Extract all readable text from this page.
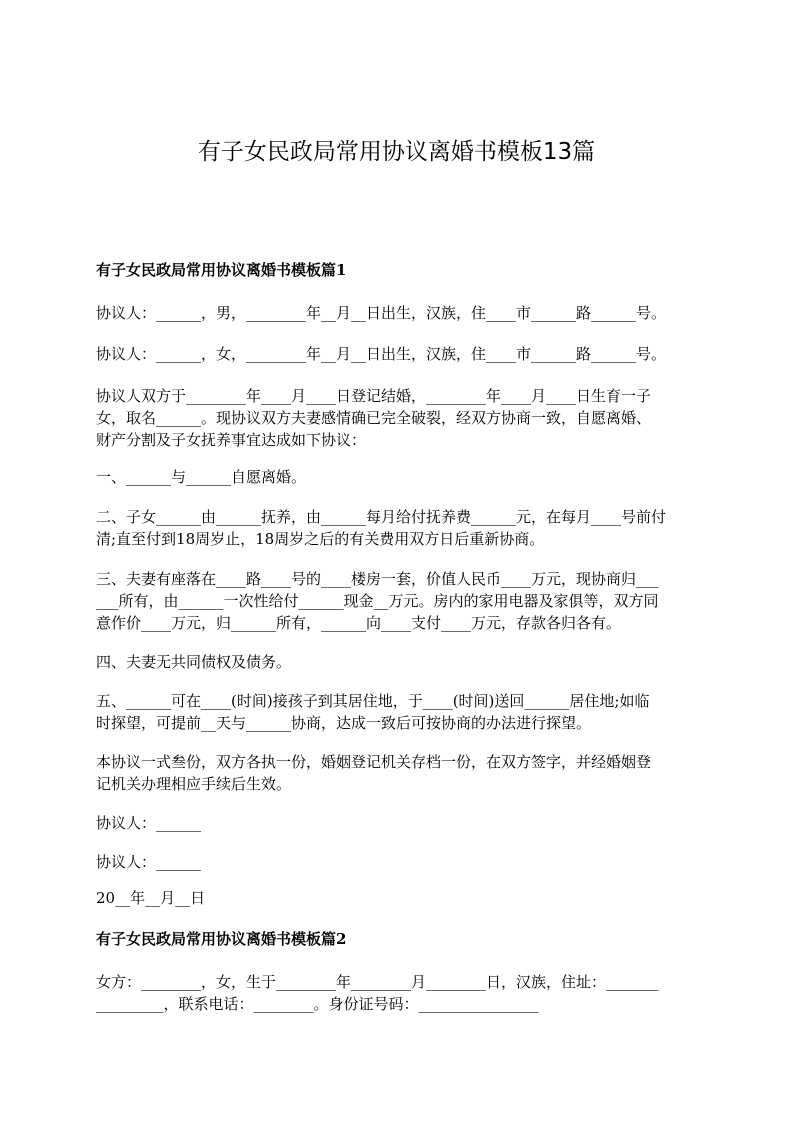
有子女民政局常用协议离婚书模板13篇

有子女民政局常用协议离婚书模板篇1

协议人：______，男，________年__月__日出生，汉族，住____市______路______号。

协议人：______，女，________年__月__日出生，汉族，住____市______路______号。

协议人双方于________年____月____日登记结婚，________年____月____日生育一子

女，取名______。现协议双方夫妻感情确已完全破裂，经双方协商一致，自愿离婚、

财产分割及子女抚养事宜达成如下协议：

一、______与______自愿离婚。

二、子女______由______抚养，由______每月给付抚养费______元，在每月____号前付

清;直至付到18周岁止，18周岁之后的有关费用双方日后重新协商。

三、夫妻有座落在____路____号的____楼房一套，价值人民币____万元，现协商归___

___所有，由______一次性给付______现金__万元。房内的家用电器及家俱等，双方同

意作价____万元，归______所有，______向____支付____万元，存款各归各有。

四、夫妻无共同债权及债务。

五、______可在____(时间)接孩子到其居住地，于____(时间)送回______居住地;如临

时探望，可提前__天与______协商，达成一致后可按协商的办法进行探望。

本协议一式叁份，双方各执一份，婚姻登记机关存档一份，在双方签字，并经婚姻登

记机关办理相应手续后生效。

协议人：______

协议人：______

20__年__月__日

有子女民政局常用协议离婚书模板篇2

女方：________，女，生于________年________月________日，汉族，住址：_______

_________，联系电话：________。身份证号码：________________
